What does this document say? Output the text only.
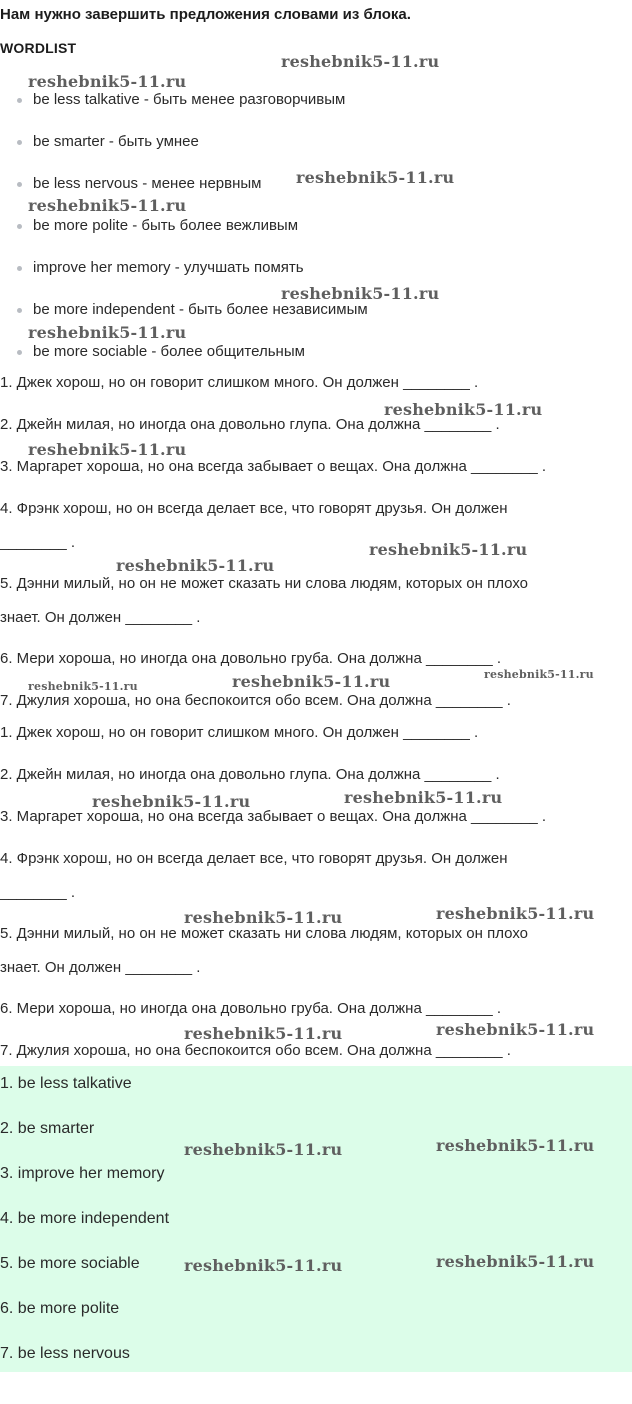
Нам нужно завершить предложения словами из блока.
WORDLIST
be less talkative - быть менее разговорчивым
be smarter - быть умнее
be less nervous - менее нервным
be more polite - быть более вежливым
improve her memory - улучшать помять
be more independent - быть более независимым
be more sociable - более общительным
1. Джек хорош, но он говорит слишком много. Он должен ________ .
2. Джейн милая, но иногда она довольно глупа. Она должна ________ .
3. Маргарет хороша, но она всегда забывает о вещах. Она должна ________ .
4. Фрэнк хорош, но он всегда делает все, что говорят друзья. Он должен
________ .
5. Дэнни милый, но он не может сказать ни слова людям, которых он плохо
знает. Он должен ________ .
6. Мери хороша, но иногда она довольно груба. Она должна ________ .
7. Джулия хороша, но она беспокоится обо всем. Она должна ________ .
1. Джек хорош, но он говорит слишком много. Он должен ________ .
2. Джейн милая, но иногда она довольно глупа. Она должна ________ .
3. Маргарет хороша, но она всегда забывает о вещах. Она должна ________ .
4. Фрэнк хорош, но он всегда делает все, что говорят друзья. Он должен
________ .
5. Дэнни милый, но он не может сказать ни слова людям, которых он плохо
знает. Он должен ________ .
6. Мери хороша, но иногда она довольно груба. Она должна ________ .
7. Джулия хороша, но она беспокоится обо всем. Она должна ________ .
1. be less talkative
2. be smarter
3. improve her memory
4. be more independent
5. be more sociable
6. be more polite
7. be less nervous
reshebnik5-11.ru
reshebnik5-11.ru
reshebnik5-11.ru
reshebnik5-11.ru
reshebnik5-11.ru
reshebnik5-11.ru
reshebnik5-11.ru
reshebnik5-11.ru
reshebnik5-11.ru
reshebnik5-11.ru
reshebnik5-11.ru
reshebnik5-11.ru
reshebnik5-11.ru
reshebnik5-11.ru
reshebnik5-11.ru
reshebnik5-11.ru
reshebnik5-11.ru
reshebnik5-11.ru
reshebnik5-11.ru
reshebnik5-11.ru
reshebnik5-11.ru
reshebnik5-11.ru
reshebnik5-11.ru
